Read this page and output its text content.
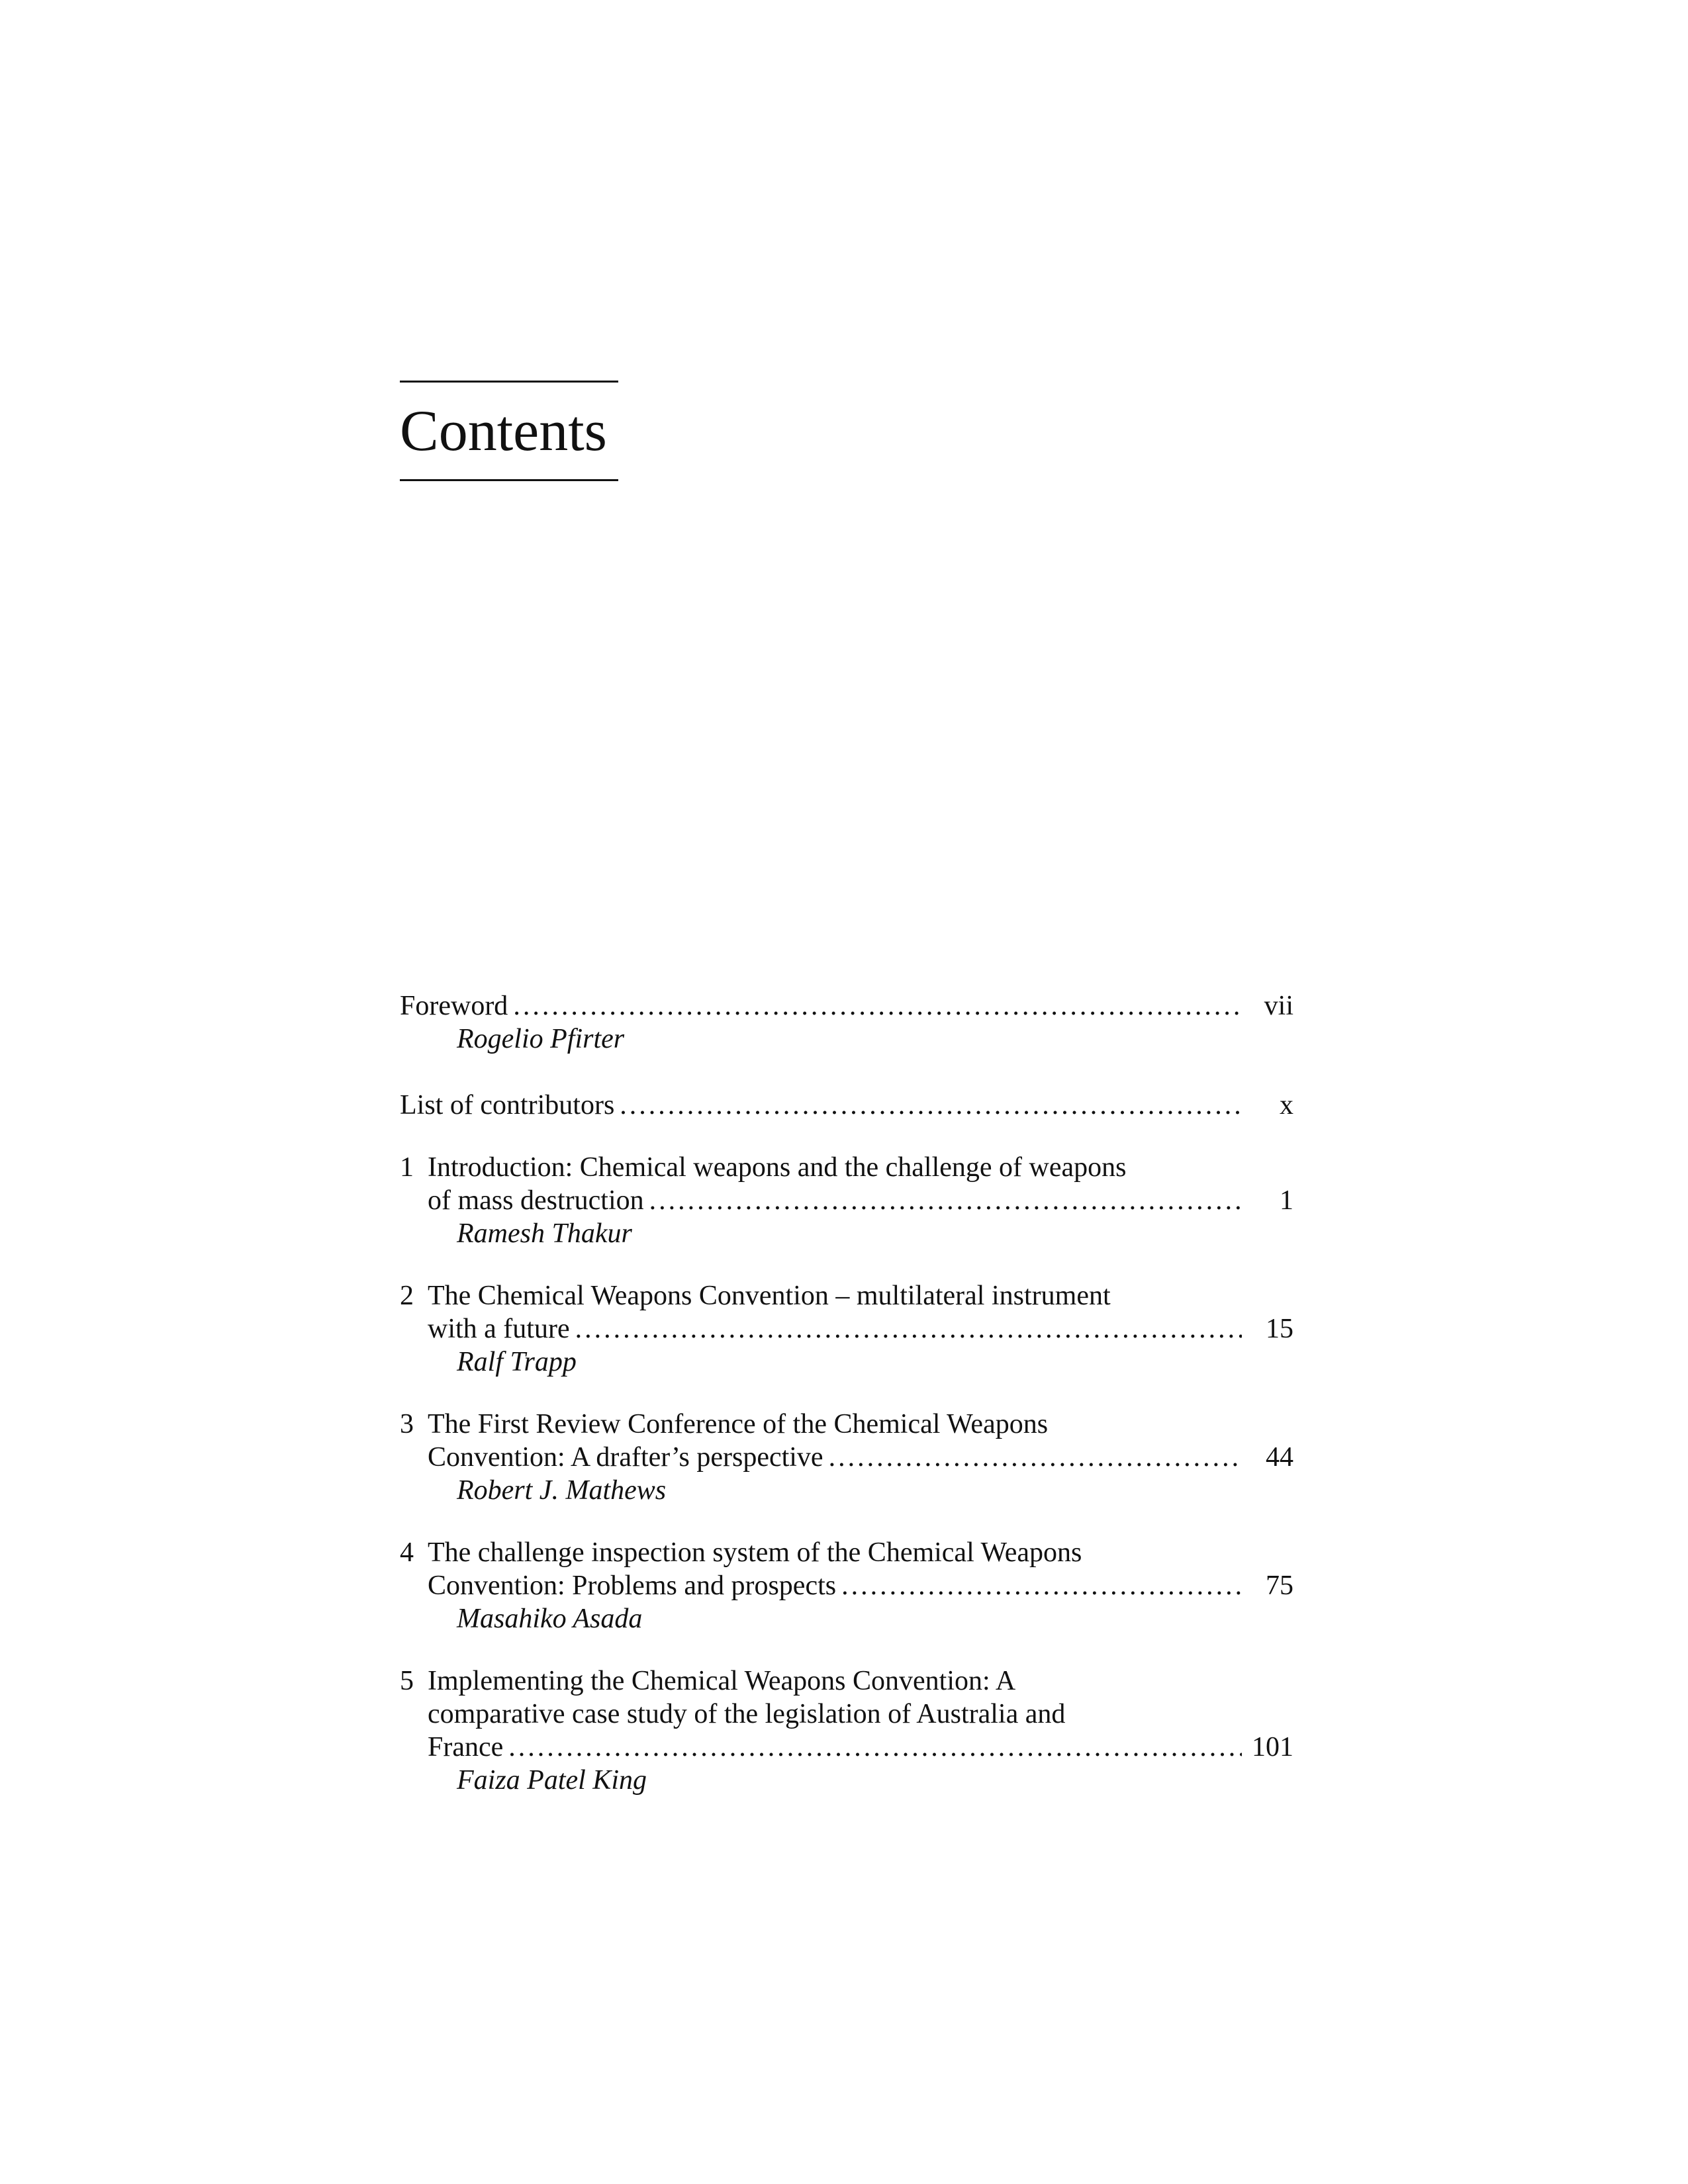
Contents
Foreword .....	vii
Rogelio Pfirter
List of contributors .....	x
1 Introduction: Chemical weapons and the challenge of weapons
of mass destruction .....	1
Ramesh Thakur
2 The Chemical Weapons Convention – multilateral instrument
with a future .....	15
Ralf Trapp
3 The First Review Conference of the Chemical Weapons
Convention: A drafter’s perspective .....	44
Robert J. Mathews
4 The challenge inspection system of the Chemical Weapons
Convention: Problems and prospects .....	75
Masahiko Asada
5 Implementing the Chemical Weapons Convention: A
comparative case study of the legislation of Australia and
France .....	101
Faiza Patel King
